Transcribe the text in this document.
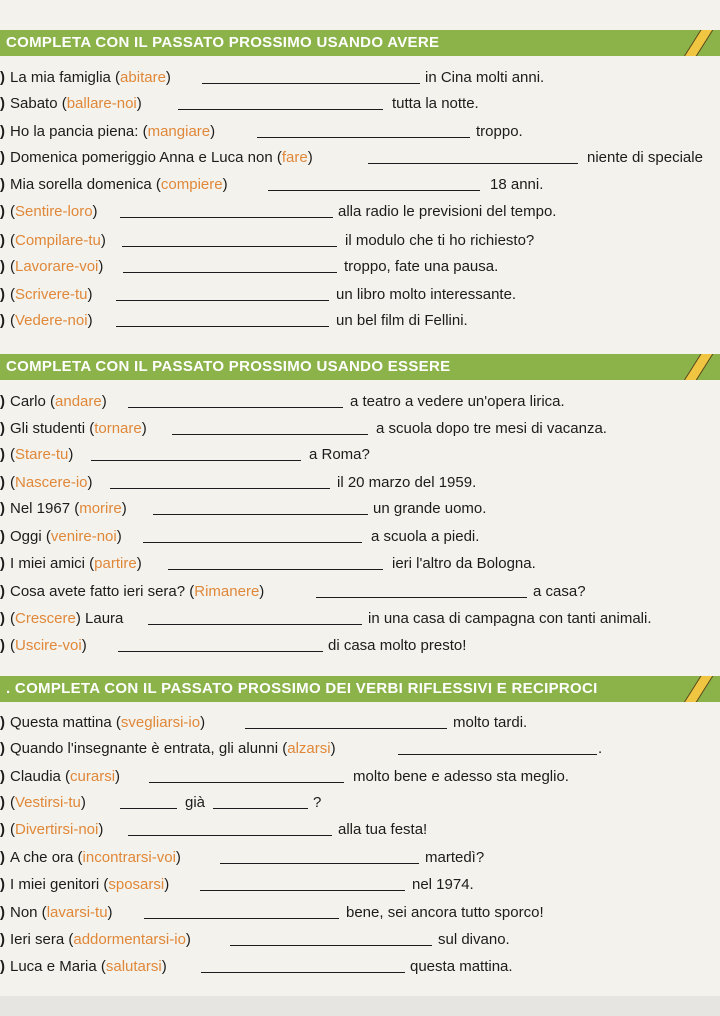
COMPLETA CON IL PASSATO PROSSIMO USANDO AVERE
COMPLETA CON IL PASSATO PROSSIMO USANDO ESSERE
. COMPLETA CON IL PASSATO PROSSIMO DEI VERBI RIFLESSIVI E RECIPROCI
) La mia famiglia (abitare)	in Cina molti anni.
) Sabato (ballare-noi)	tutta la notte.
) Ho la pancia piena: (mangiare)	troppo.
) Domenica pomeriggio Anna e Luca non (fare)	niente di speciale
) Mia sorella domenica (compiere)	18 anni.
) (Sentire-loro)	alla radio le previsioni del tempo.
) (Compilare-tu)	il modulo che ti ho richiesto?
) (Lavorare-voi)	troppo, fate una pausa.
) (Scrivere-tu)	un libro molto interessante.
) (Vedere-noi)	un bel film di Fellini.
) Carlo (andare)	a teatro a vedere un'opera lirica.
) Gli studenti (tornare)	a scuola dopo tre mesi di vacanza.
) (Stare-tu)	a Roma?
) (Nascere-io)	il 20 marzo del 1959.
) Nel 1967 (morire)	un grande uomo.
) Oggi (venire-noi)	a scuola a piedi.
) I miei amici (partire)	ieri l'altro da Bologna.
) Cosa avete fatto ieri sera? (Rimanere)	a casa?
) (Crescere) Laura	in una casa di campagna con tanti animali.
) (Uscire-voi)	di casa molto presto!
) Questa mattina (svegliarsi-io)	molto tardi.
) Quando l'insegnante è entrata, gli alunni (alzarsi)	.
) Claudia (curarsi)	molto bene e adesso sta meglio.
) (Vestirsi-tu)	già	?
) (Divertirsi-noi)	alla tua festa!
) A che ora (incontrarsi-voi)	martedì?
) I miei genitori (sposarsi)	nel 1974.
) Non (lavarsi-tu)	bene, sei ancora tutto sporco!
) Ieri sera (addormentarsi-io)	sul divano.
) Luca e Maria (salutarsi)	questa mattina.
